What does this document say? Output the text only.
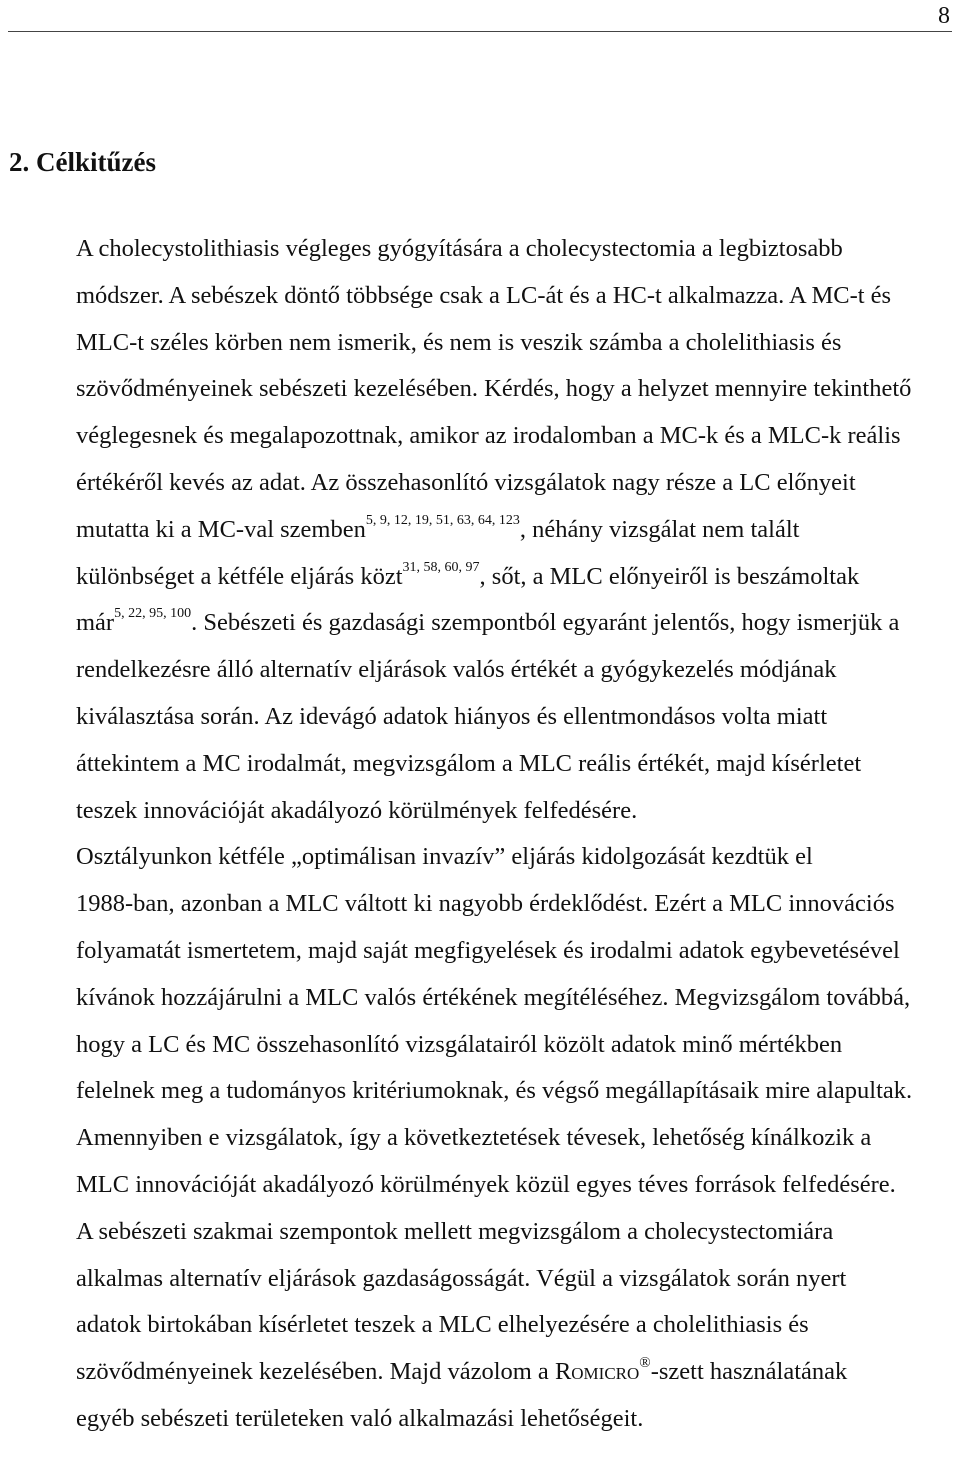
8
2. Célkitűzés

A cholecystolithiasis végleges gyógyítására a cholecystectomia a legbiztosabb
módszer. A sebészek döntő többsége csak a LC-át és a HC-t alkalmazza. A MC-t és
MLC-t széles körben nem ismerik, és nem is veszik számba a cholelithiasis és
szövődményeinek sebészeti kezelésében. Kérdés, hogy a helyzet mennyire tekinthető
véglegesnek és megalapozottnak, amikor az irodalomban a MC-k és a MLC-k reális
értékéről kevés az adat. Az összehasonlító vizsgálatok nagy része a LC előnyeit
mutatta ki a MC-val szemben$^{5, 9, 12, 19, 51, 63, 64, 123}$, néhány vizsgálat nem talált
különbséget a kétféle eljárás közt$^{31, 58, 60, 97}$, sőt, a MLC előnyeiről is beszámoltak
már$^{5, 22, 95, 100}$. Sebészeti és gazdasági szempontból egyaránt jelentős, hogy ismerjük a
rendelkezésre álló alternatív eljárások valós értékét a gyógykezelés módjának
kiválasztása során. Az idevágó adatok hiányos és ellentmondásos volta miatt
áttekintem a MC irodalmát, megvizsgálom a MLC reális értékét, majd kísérletet
teszek innovációját akadályozó körülmények felfedésére.

Osztályunkon kétféle „optimálisan invazív” eljárás kidolgozását kezdtük el
1988-ban, azonban a MLC váltott ki nagyobb érdeklődést. Ezért a MLC innovációs
folyamatát ismertetem, majd saját megfigyelések és irodalmi adatok egybevetésével
kívánok hozzájárulni a MLC valós értékének megítéléséhez. Megvizsgálom továbbá,
hogy a LC és MC összehasonlító vizsgálatairól közölt adatok minő mértékben
felelnek meg a tudományos kritériumoknak, és végső megállapításaik mire alapultak.
Amennyiben e vizsgálatok, így a következtetések tévesek, lehetőség kínálkozik a
MLC innovációját akadályozó körülmények közül egyes téves források felfedésére.
A sebészeti szakmai szempontok mellett megvizsgálom a cholecystectomiára
alkalmas alternatív eljárások gazdaságosságát. Végül a vizsgálatok során nyert
adatok birtokában kísérletet teszek a MLC elhelyezésére a cholelithiasis és
szövődményeinek kezelésében. Majd vázolom a Romicro®-szett használatának
egyéb sebészeti területeken való alkalmazási lehetőségeit.
